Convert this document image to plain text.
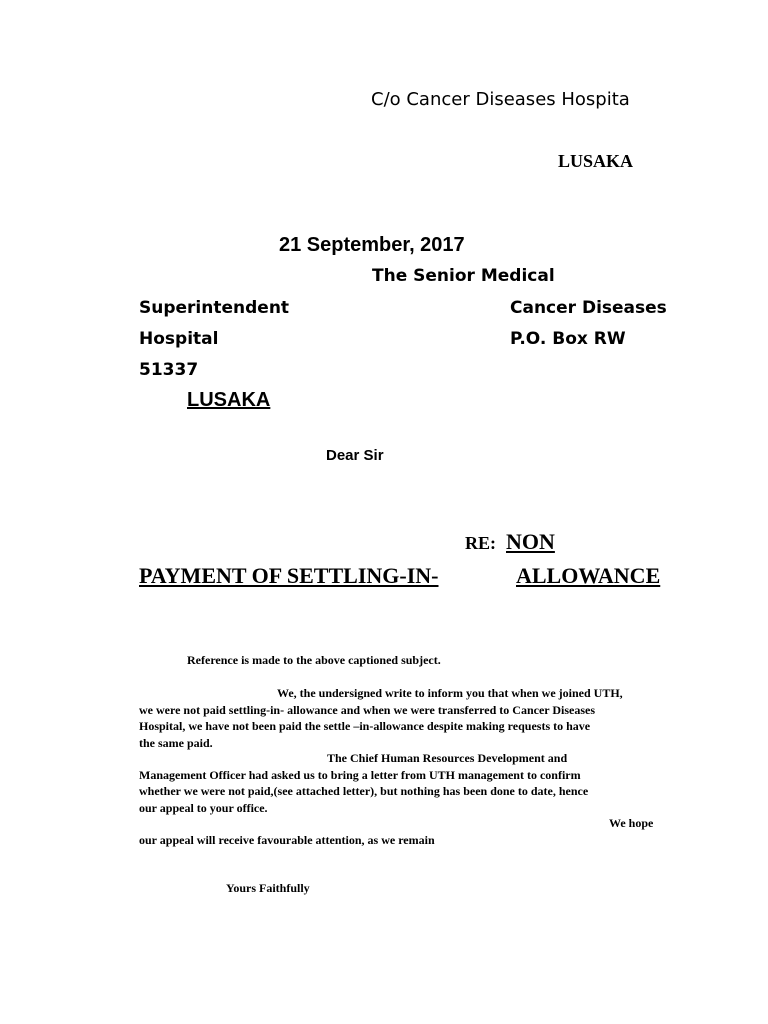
C/o Cancer Diseases Hospita
LUSAKA
21 September, 2017
The Senior Medical
Superintendent	Cancer Diseases
Hospital	P.O. Box RW
51337
LUSAKA
Dear Sir
RE: NON
PAYMENT OF SETTLING-IN-	ALLOWANCE
Reference is made to the above captioned subject.
We, the undersigned write to inform you that when we joined UTH,
we were not paid settling-in- allowance and when we were transferred to Cancer Diseases
Hospital, we have not been paid the settle –in-allowance despite making requests to have
the same paid.
The Chief Human Resources Development and
Management Officer had asked us to bring a letter from UTH management to confirm
whether we were not paid,(see attached letter), but nothing has been done to date, hence
our appeal to your office.
We hope
our appeal will receive favourable attention, as we remain
Yours Faithfully
